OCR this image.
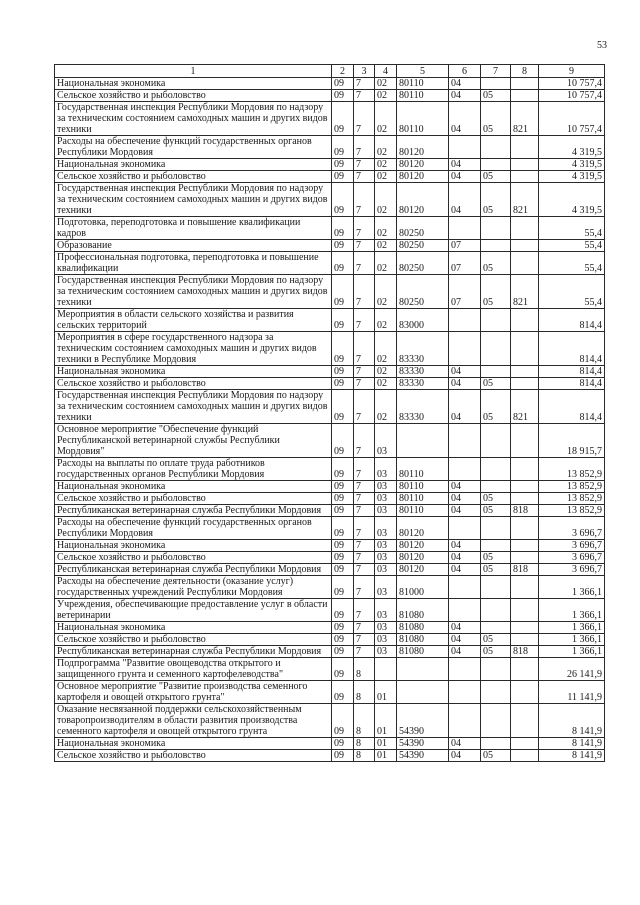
53
1	2	3	4	5	6	7	8	9
Национальная экономика	09	7	02	80110	04			10 757,4
Сельское хозяйство и рыболовство	09	7	02	80110	04	05		10 757,4
Государственная инспекция Республики Мордовия по надзору за техническим состоянием самоходных машин и других видов техники	09	7	02	80110	04	05	821	10 757,4
Расходы на обеспечение функций государственных органов Республики Мордовия	09	7	02	80120				4 319,5
Национальная экономика	09	7	02	80120	04			4 319,5
Сельское хозяйство и рыболовство	09	7	02	80120	04	05		4 319,5
Государственная инспекция Республики Мордовия по надзору за техническим состоянием самоходных машин и других видов техники	09	7	02	80120	04	05	821	4 319,5
Подготовка, переподготовка и повышение квалификации кадров	09	7	02	80250				55,4
Образование	09	7	02	80250	07			55,4
Профессиональная подготовка, переподготовка и повышение квалификации	09	7	02	80250	07	05		55,4
Государственная инспекция Республики Мордовия по надзору за техническим состоянием самоходных машин и других видов техники	09	7	02	80250	07	05	821	55,4
Мероприятия в области сельского хозяйства и развития сельских территорий	09	7	02	83000				814,4
Мероприятия в сфере государственного надзора за техническим состоянием самоходных машин и других видов техники в Республике Мордовия	09	7	02	83330				814,4
Национальная экономика	09	7	02	83330	04			814,4
Сельское хозяйство и рыболовство	09	7	02	83330	04	05		814,4
Государственная инспекция Республики Мордовия по надзору за техническим состоянием самоходных машин и других видов техники	09	7	02	83330	04	05	821	814,4
Основное мероприятие "Обеспечение функций Республиканской ветеринарной службы Республики Мордовия"	09	7	03					18 915,7
Расходы на выплаты по оплате труда работников государственных органов Республики Мордовия	09	7	03	80110				13 852,9
Национальная экономика	09	7	03	80110	04			13 852,9
Сельское хозяйство и рыболовство	09	7	03	80110	04	05		13 852,9
Республиканская ветеринарная служба Республики Мордовия	09	7	03	80110	04	05	818	13 852,9
Расходы на обеспечение функций государственных органов Республики Мордовия	09	7	03	80120				3 696,7
Национальная экономика	09	7	03	80120	04			3 696,7
Сельское хозяйство и рыболовство	09	7	03	80120	04	05		3 696,7
Республиканская ветеринарная служба Республики Мордовия	09	7	03	80120	04	05	818	3 696,7
Расходы на обеспечение деятельности (оказание услуг) государственных учреждений Республики Мордовия	09	7	03	81000				1 366,1
Учреждения, обеспечивающие предоставление услуг в области ветеринарии	09	7	03	81080				1 366,1
Национальная экономика	09	7	03	81080	04			1 366,1
Сельское хозяйство и рыболовство	09	7	03	81080	04	05		1 366,1
Республиканская ветеринарная служба Республики Мордовия	09	7	03	81080	04	05	818	1 366,1
Подпрограмма "Развитие овощеводства открытого и защищенного грунта и семенного картофелеводства"	09	8						26 141,9
Основное мероприятие "Развитие производства семенного картофеля и овощей открытого грунта"	09	8	01					11 141,9
Оказание несвязанной поддержки сельскохозяйственным товаропроизводителям в области развития производства семенного картофеля и овощей открытого грунта	09	8	01	54390				8 141,9
Национальная экономика	09	8	01	54390	04			8 141,9
Сельское хозяйство и рыболовство	09	8	01	54390	04	05		8 141,9
